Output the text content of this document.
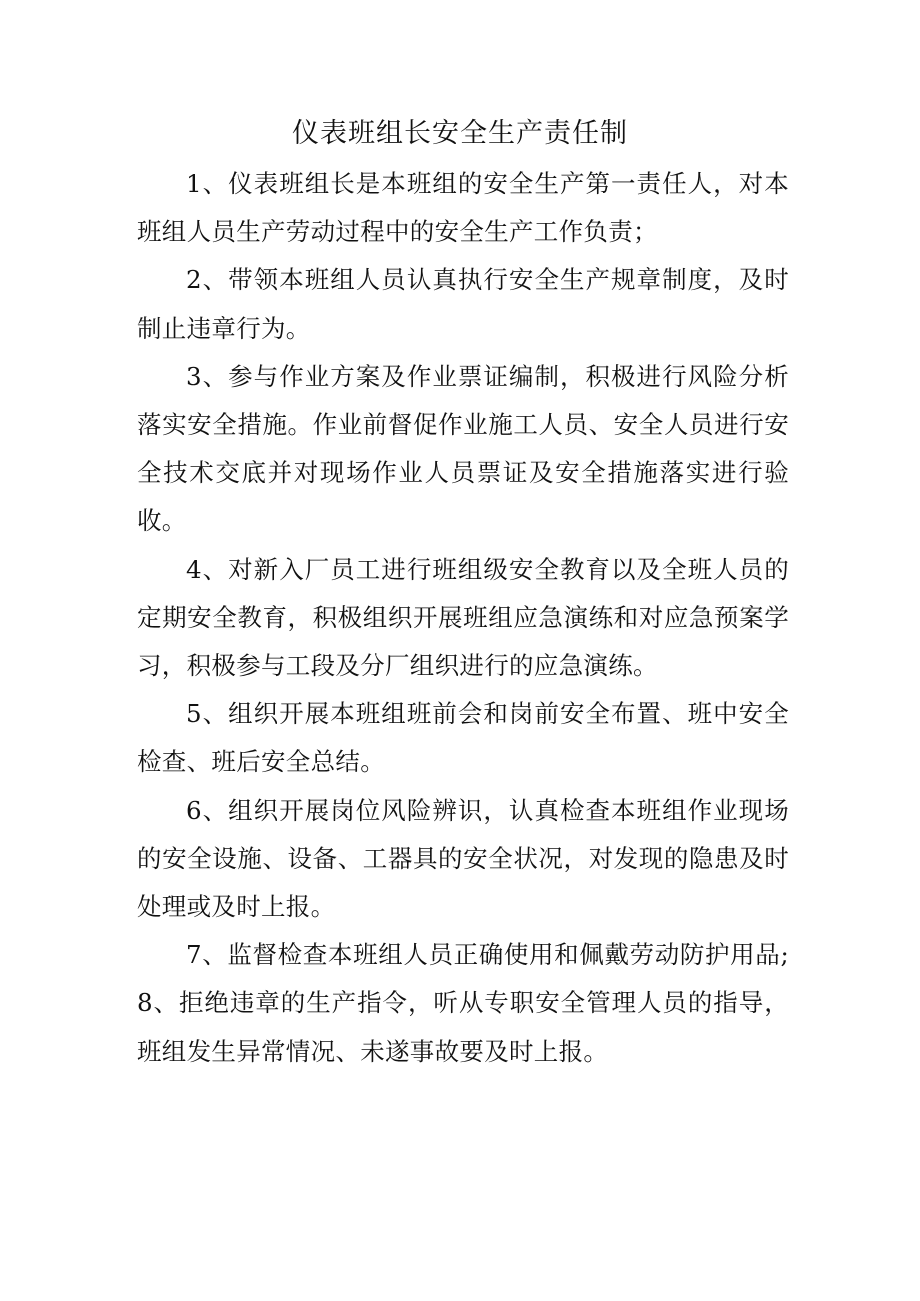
仪表班组长安全生产责任制

1、仪表班组长是本班组的安全生产第一责任人，对本班组人员生产劳动过程中的安全生产工作负责；

2、带领本班组人员认真执行安全生产规章制度，及时制止违章行为。

3、参与作业方案及作业票证编制，积极进行风险分析落实安全措施。作业前督促作业施工人员、安全人员进行安全技术交底并对现场作业人员票证及安全措施落实进行验收。

4、对新入厂员工进行班组级安全教育以及全班人员的定期安全教育，积极组织开展班组应急演练和对应急预案学习，积极参与工段及分厂组织进行的应急演练。

5、组织开展本班组班前会和岗前安全布置、班中安全检查、班后安全总结。

6、组织开展岗位风险辨识，认真检查本班组作业现场的安全设施、设备、工器具的安全状况，对发现的隐患及时处理或及时上报。

7、监督检查本班组人员正确使用和佩戴劳动防护用品;8、拒绝违章的生产指令，听从专职安全管理人员的指导，班组发生异常情况、未遂事故要及时上报。
